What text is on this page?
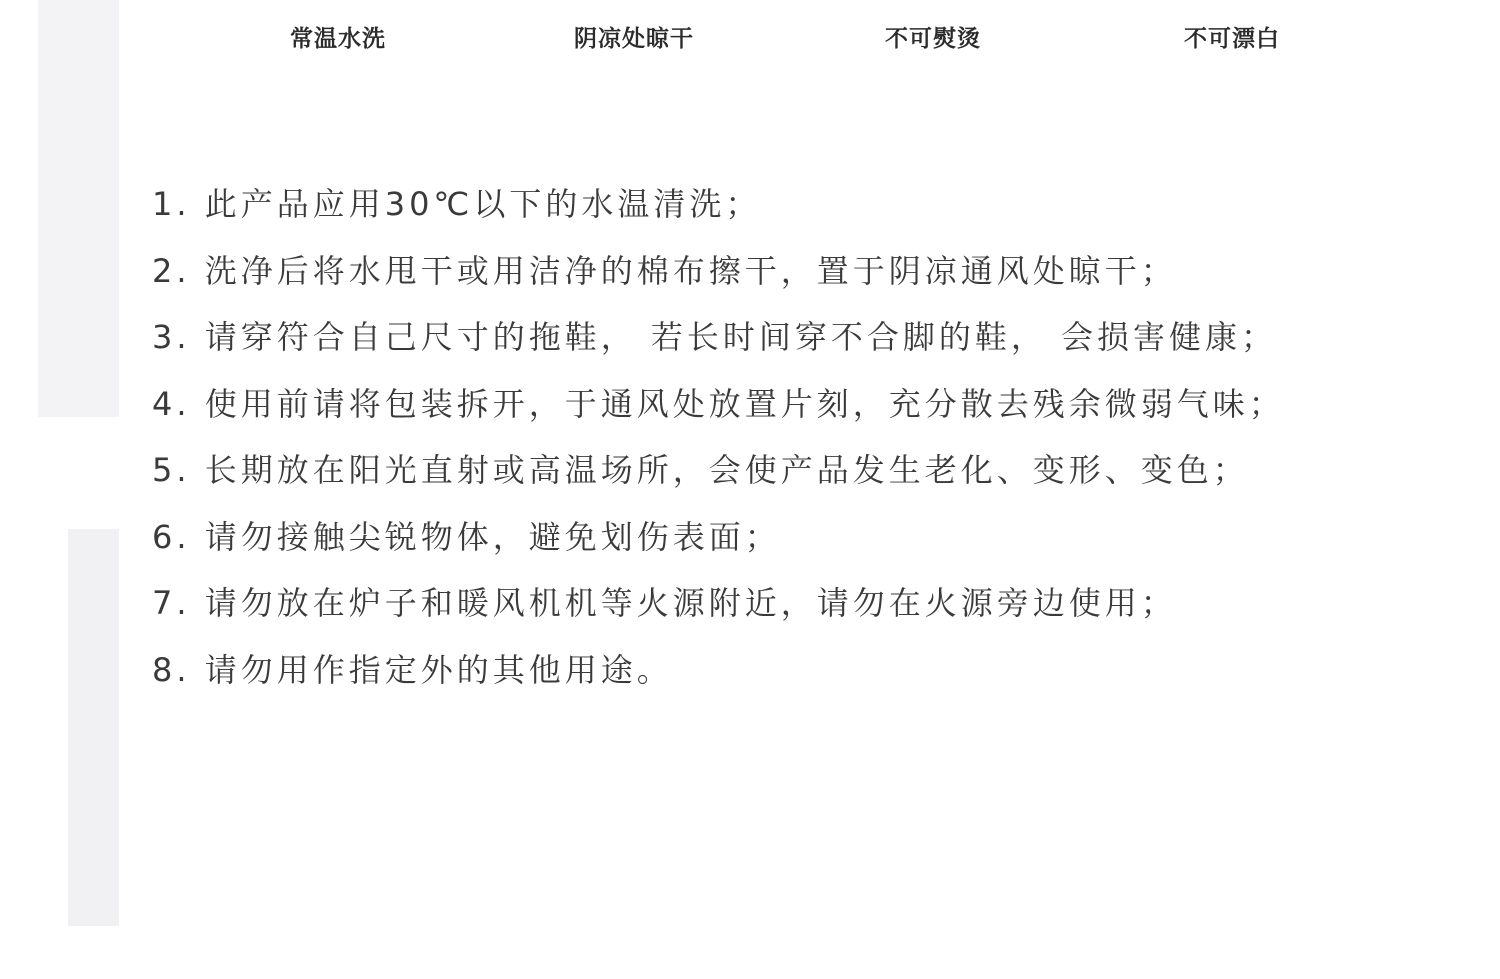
常温水洗	阴凉处晾干	不可熨烫	不可漂白
1. 此产品应用30℃以下的水温清洗；
2. 洗净后将水甩干或用洁净的棉布擦干，置于阴凉通风处晾干；
3. 请穿符合自己尺寸的拖鞋， 若长时间穿不合脚的鞋， 会损害健康；
4. 使用前请将包装拆开，于通风处放置片刻，充分散去残余微弱气味；
5. 长期放在阳光直射或高温场所，会使产品发生老化、变形、变色；
6. 请勿接触尖锐物体，避免划伤表面；
7. 请勿放在炉子和暖风机机等火源附近，请勿在火源旁边使用；
8. 请勿用作指定外的其他用途。
